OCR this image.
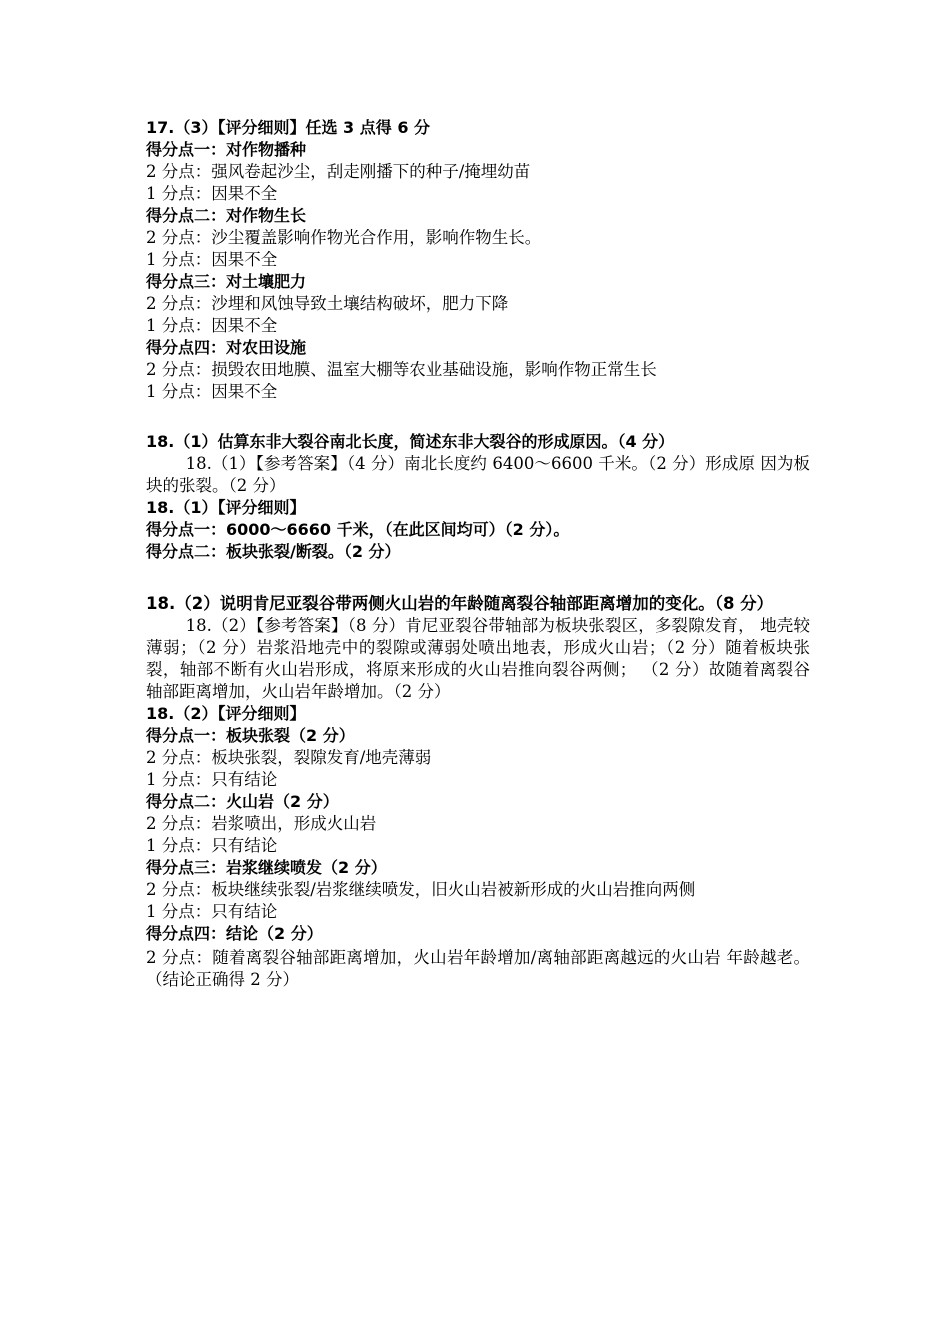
17.（3）【评分细则】任选 3 点得 6 分
得分点一：对作物播种
2 分点：强风卷起沙尘，刮走刚播下的种子/掩埋幼苗
1 分点：因果不全
得分点二：对作物生长
2 分点：沙尘覆盖影响作物光合作用，影响作物生长。
1 分点：因果不全
得分点三：对土壤肥力
2 分点：沙埋和风蚀导致土壤结构破坏，肥力下降
1 分点：因果不全
得分点四：对农田设施
2 分点：损毁农田地膜、温室大棚等农业基础设施，影响作物正常生长
1 分点：因果不全
18.（1）估算东非大裂谷南北长度，简述东非大裂谷的形成原因。（4 分）
18.（1）【参考答案】（4 分）南北长度约 6400～6600 千米。（2 分）形成原 因为板块的张裂。（2 分）
18.（1）【评分细则】
得分点一：6000～6660 千米，（在此区间均可）（2 分）。
得分点二：板块张裂/断裂。（2 分）
18.（2）说明肯尼亚裂谷带两侧火山岩的年龄随离裂谷轴部距离增加的变化。（8 分）
18.（2）【参考答案】（8 分）肯尼亚裂谷带轴部为板块张裂区，多裂隙发育， 地壳较薄弱；（2 分）岩浆沿地壳中的裂隙或薄弱处喷出地表，形成火山岩；（2 分）随着板块张裂，轴部不断有火山岩形成，将原来形成的火山岩推向裂谷两侧； （2 分）故随着离裂谷轴部距离增加，火山岩年龄增加。（2 分）
18.（2）【评分细则】
得分点一：板块张裂（2 分）
2 分点：板块张裂，裂隙发育/地壳薄弱
1 分点：只有结论
得分点二：火山岩（2 分）
2 分点：岩浆喷出，形成火山岩
1 分点：只有结论
得分点三：岩浆继续喷发（2 分）
2 分点：板块继续张裂/岩浆继续喷发，旧火山岩被新形成的火山岩推向两侧
1 分点：只有结论
得分点四：结论（2 分）
2 分点：随着离裂谷轴部距离增加，火山岩年龄增加/离轴部距离越远的火山岩 年龄越老。（结论正确得 2 分）
